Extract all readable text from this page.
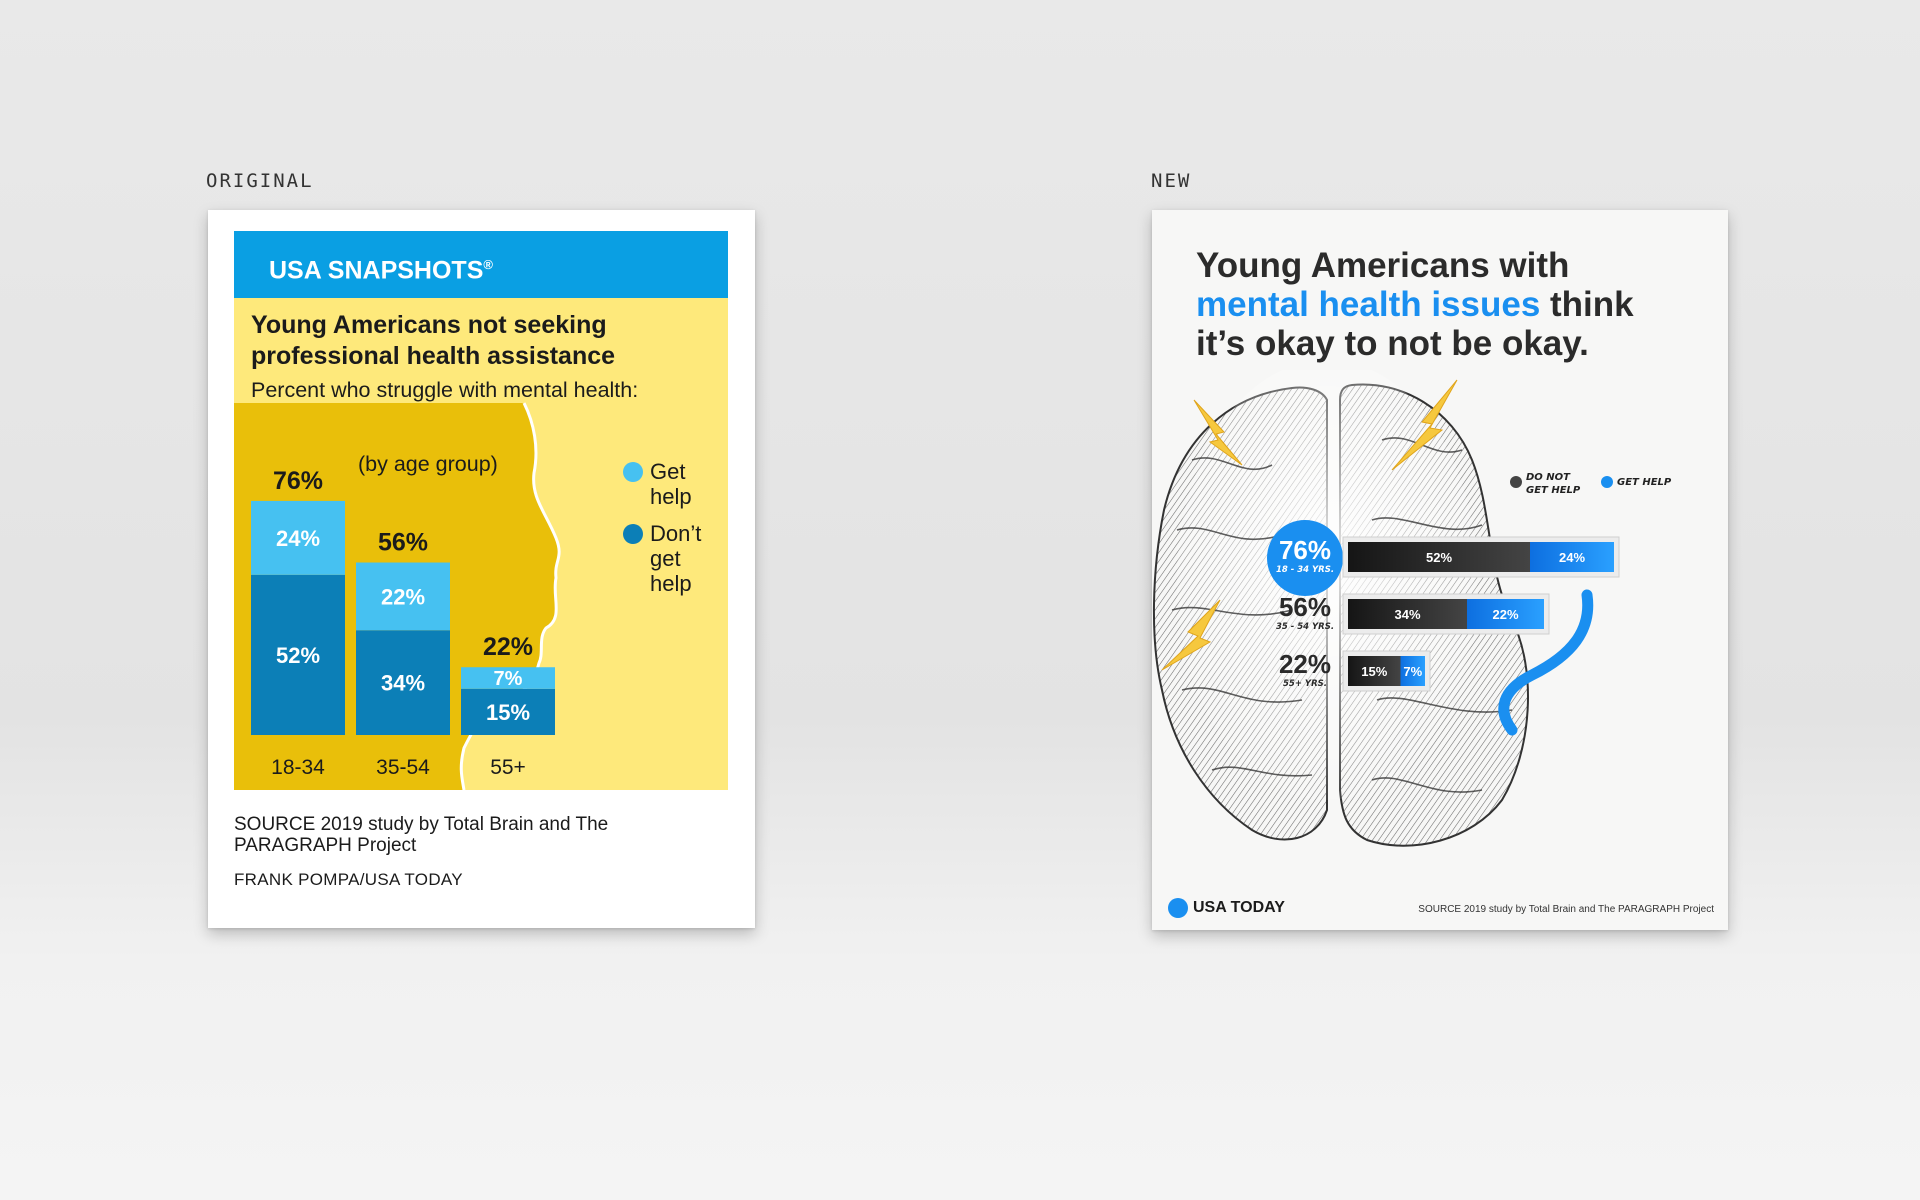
ORIGINAL	NEW
USA SNAPSHOTS®
52%
24%
76%
18-34
34%
22%
56%
35-54
15%
7%
22%
55+
(by age group)	Get
help
Don’t
get
help
Young Americans not seeking professional health assistance
Percent who struggle with mental health:
SOURCE 2019 study by Total Brain and The PARAGRAPH Project
FRANK POMPA/USA TODAY
Young Americans with
mental health issues think
it’s okay to not be okay.
DO NOT
GET HELP
GET HELP
52%	24%
76%
18 - 34 YRS.
34%	22%
56%
35 - 54 YRS.
15% 7%
22%
55+ YRS.
USA TODAY	SOURCE 2019 study by Total Brain and The PARAGRAPH Project
